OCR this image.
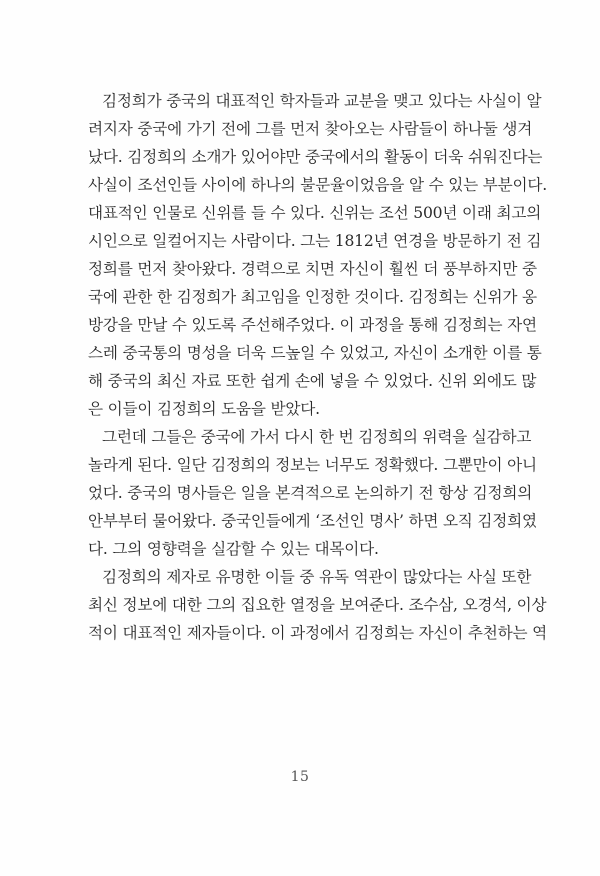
김정희가 중국의 대표적인 학자들과 교분을 맺고 있다는 사실이 알
려지자 중국에 가기 전에 그를 먼저 찾아오는 사람들이 하나둘 생겨
났다. 김정희의 소개가 있어야만 중국에서의 활동이 더욱 쉬워진다는
사실이 조선인들 사이에 하나의 불문율이었음을 알 수 있는 부분이다.
대표적인 인물로 신위를 들 수 있다. 신위는 조선 500년 이래 최고의
시인으로 일컬어지는 사람이다. 그는 1812년 연경을 방문하기 전 김
정희를 먼저 찾아왔다. 경력으로 치면 자신이 훨씬 더 풍부하지만 중
국에 관한 한 김정희가 최고임을 인정한 것이다. 김정희는 신위가 옹
방강을 만날 수 있도록 주선해주었다. 이 과정을 통해 김정희는 자연
스레 중국통의 명성을 더욱 드높일 수 있었고, 자신이 소개한 이를 통
해 중국의 최신 자료 또한 쉽게 손에 넣을 수 있었다. 신위 외에도 많
은 이들이 김정희의 도움을 받았다.
그런데 그들은 중국에 가서 다시 한 번 김정희의 위력을 실감하고
놀라게 된다. 일단 김정희의 정보는 너무도 정확했다. 그뿐만이 아니
었다. 중국의 명사들은 일을 본격적으로 논의하기 전 항상 김정희의
안부부터 물어왔다. 중국인들에게 ‘조선인 명사’ 하면 오직 김정희였
다. 그의 영향력을 실감할 수 있는 대목이다.
김정희의 제자로 유명한 이들 중 유독 역관이 많았다는 사실 또한
최신 정보에 대한 그의 집요한 열정을 보여준다. 조수삼, 오경석, 이상
적이 대표적인 제자들이다. 이 과정에서 김정희는 자신이 추천하는 역
15
